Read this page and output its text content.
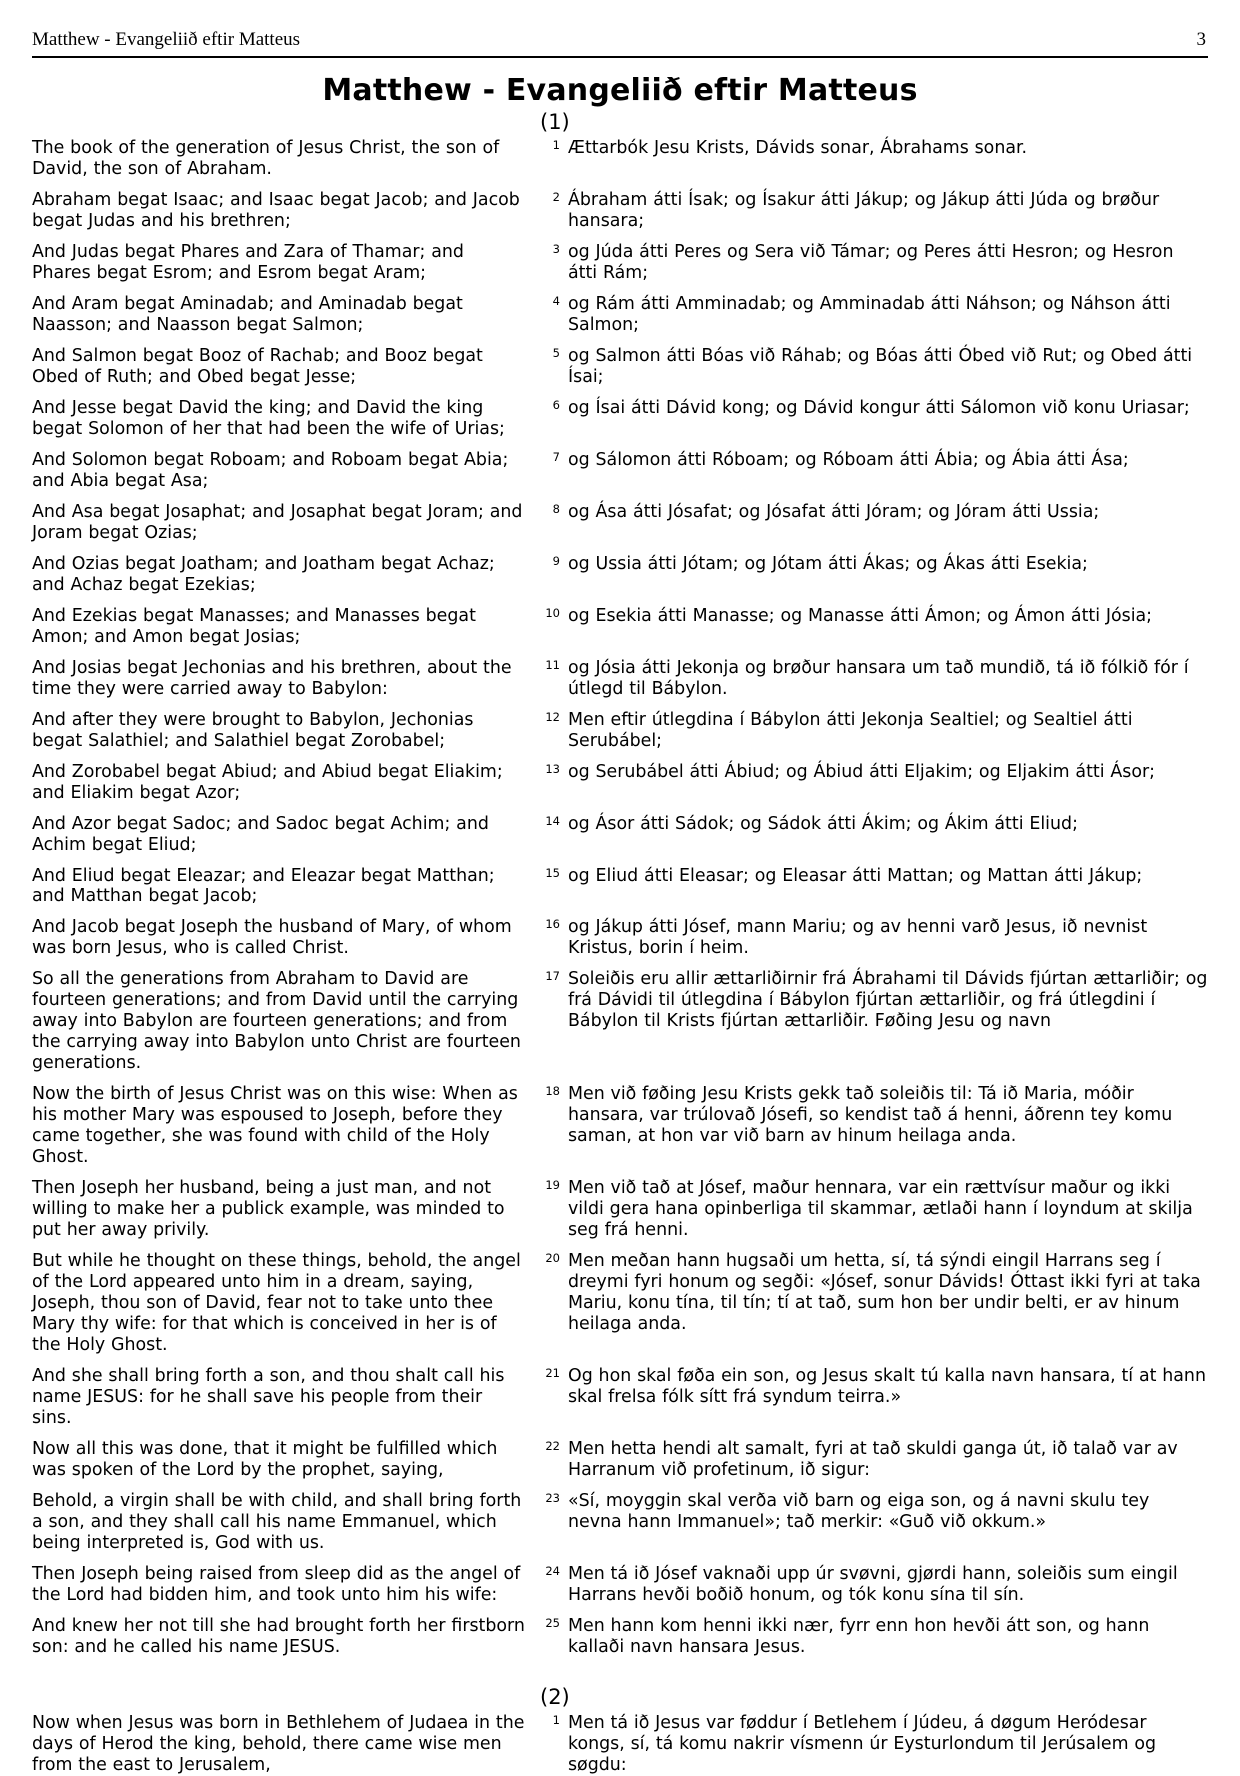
Matthew - Evangeliið eftir Matteus	3
Matthew - Evangeliið eftir Matteus
(1)
The book of the generation of Jesus Christ, the son of David, the son of Abraham.
1 Ættarbók Jesu Krists, Dávids sonar, Ábrahams sonar.
Abraham begat Isaac; and Isaac begat Jacob; and Jacob begat Judas and his brethren;
2 Ábraham átti Ísak; og Ísakur átti Jákup; og Jákup átti Júda og brøður hansara;
And Judas begat Phares and Zara of Thamar; and Phares begat Esrom; and Esrom begat Aram;
3 og Júda átti Peres og Sera við Támar; og Peres átti Hesron; og Hesron átti Rám;
And Aram begat Aminadab; and Aminadab begat Naasson; and Naasson begat Salmon;
4 og Rám átti Amminadab; og Amminadab átti Náhson; og Náhson átti Salmon;
And Salmon begat Booz of Rachab; and Booz begat Obed of Ruth; and Obed begat Jesse;
5 og Salmon átti Bóas við Ráhab; og Bóas átti Óbed við Rut; og Obed átti Ísai;
And Jesse begat David the king; and David the king begat Solomon of her that had been the wife of Urias;
6 og Ísai átti Dávid kong; og Dávid kongur átti Sálomon við konu Uriasar;
And Solomon begat Roboam; and Roboam begat Abia; and Abia begat Asa;
7 og Sálomon átti Róboam; og Róboam átti Ábia; og Ábia átti Ása;
And Asa begat Josaphat; and Josaphat begat Joram; and Joram begat Ozias;
8 og Ása átti Jósafat; og Jósafat átti Jóram; og Jóram átti Ussia;
And Ozias begat Joatham; and Joatham begat Achaz; and Achaz begat Ezekias;
9 og Ussia átti Jótam; og Jótam átti Ákas; og Ákas átti Esekia;
And Ezekias begat Manasses; and Manasses begat Amon; and Amon begat Josias;
10 og Esekia átti Manasse; og Manasse átti Ámon; og Ámon átti Jósia;
And Josias begat Jechonias and his brethren, about the time they were carried away to Babylon:
11 og Jósia átti Jekonja og brøður hansara um tað mundið, tá ið fólkið fór í útlegd til Bábylon.
And after they were brought to Babylon, Jechonias begat Salathiel; and Salathiel begat Zorobabel;
12 Men eftir útlegdina í Bábylon átti Jekonja Sealtiel; og Sealtiel átti Serubábel;
And Zorobabel begat Abiud; and Abiud begat Eliakim; and Eliakim begat Azor;
13 og Serubábel átti Ábiud; og Ábiud átti Eljakim; og Eljakim átti Ásor;
And Azor begat Sadoc; and Sadoc begat Achim; and Achim begat Eliud;
14 og Ásor átti Sádok; og Sádok átti Ákim; og Ákim átti Eliud;
And Eliud begat Eleazar; and Eleazar begat Matthan; and Matthan begat Jacob;
15 og Eliud átti Eleasar; og Eleasar átti Mattan; og Mattan átti Jákup;
And Jacob begat Joseph the husband of Mary, of whom was born Jesus, who is called Christ.
16 og Jákup átti Jósef, mann Mariu; og av henni varð Jesus, ið nevnist Kristus, borin í heim.
So all the generations from Abraham to David are fourteen generations; and from David until the carrying away into Babylon are fourteen generations; and from the carrying away into Babylon unto Christ are fourteen generations.
17 Soleiðis eru allir ættarliðirnir frá Ábrahami til Dávids fjúrtan ættarliðir; og frá Dávidi til útlegdina í Bábylon fjúrtan ættarliðir, og frá útlegdini í Bábylon til Krists fjúrtan ættarliðir. Føðing Jesu og navn
Now the birth of Jesus Christ was on this wise: When as his mother Mary was espoused to Joseph, before they came together, she was found with child of the Holy Ghost.
18 Men við føðing Jesu Krists gekk tað soleiðis til: Tá ið Maria, móðir hansara, var trúlovað Jósefi, so kendist tað á henni, áðrenn tey komu saman, at hon var við barn av hinum heilaga anda.
Then Joseph her husband, being a just man, and not willing to make her a publick example, was minded to put her away privily.
19 Men við tað at Jósef, maður hennara, var ein rættvísur maður og ikki vildi gera hana opinberliga til skammar, ætlaði hann í loyndum at skilja seg frá henni.
But while he thought on these things, behold, the angel of the Lord appeared unto him in a dream, saying, Joseph, thou son of David, fear not to take unto thee Mary thy wife: for that which is conceived in her is of the Holy Ghost.
20 Men meðan hann hugsaði um hetta, sí, tá sýndi eingil Harrans seg í dreymi fyri honum og segði: «Jósef, sonur Dávids! Óttast ikki fyri at taka Mariu, konu tína, til tín; tí at tað, sum hon ber undir belti, er av hinum heilaga anda.
And she shall bring forth a son, and thou shalt call his name JESUS: for he shall save his people from their sins.
21 Og hon skal føða ein son, og Jesus skalt tú kalla navn hansara, tí at hann skal frelsa fólk sítt frá syndum teirra.»
Now all this was done, that it might be fulfilled which was spoken of the Lord by the prophet, saying,
22 Men hetta hendi alt samalt, fyri at tað skuldi ganga út, ið talað var av Harranum við profetinum, ið sigur:
Behold, a virgin shall be with child, and shall bring forth a son, and they shall call his name Emmanuel, which being interpreted is, God with us.
23 «Sí, moyggin skal verða við barn og eiga son, og á navni skulu tey nevna hann Immanuel»; tað merkir: «Guð við okkum.»
Then Joseph being raised from sleep did as the angel of the Lord had bidden him, and took unto him his wife:
24 Men tá ið Jósef vaknaði upp úr svøvni, gjørdi hann, soleiðis sum eingil Harrans hevði boðið honum, og tók konu sína til sín.
And knew her not till she had brought forth her firstborn son: and he called his name JESUS.
25 Men hann kom henni ikki nær, fyrr enn hon hevði átt son, og hann kallaði navn hansara Jesus.
(2)
Now when Jesus was born in Bethlehem of Judaea in the days of Herod the king, behold, there came wise men from the east to Jerusalem,
1 Men tá ið Jesus var føddur í Betlehem í Júdeu, á døgum Heródesar kongs, sí, tá komu nakrir vísmenn úr Eysturlondum til Jerúsalem og søgdu:
